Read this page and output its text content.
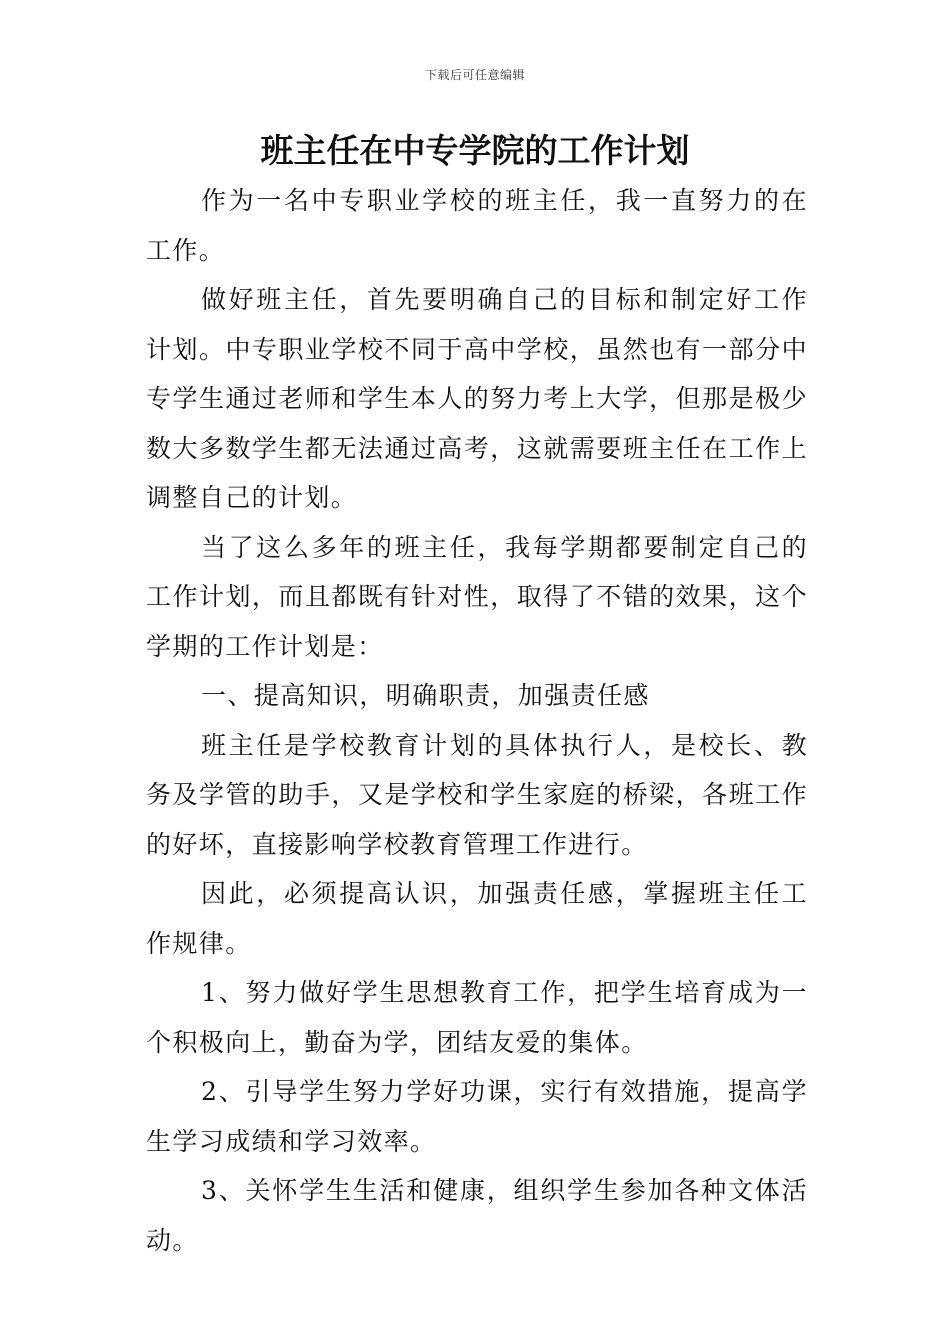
下载后可任意编辑
班主任在中专学院的工作计划

作为一名中专职业学校的班主任，我一直努力的在工作。

做好班主任，首先要明确自己的目标和制定好工作计划。中专职业学校不同于高中学校，虽然也有一部分中专学生通过老师和学生本人的努力考上大学，但那是极少数大多数学生都无法通过高考，这就需要班主任在工作上调整自己的计划。

当了这么多年的班主任，我每学期都要制定自己的工作计划，而且都既有针对性，取得了不错的效果，这个学期的工作计划是：

一、提高知识，明确职责，加强责任感

班主任是学校教育计划的具体执行人，是校长、教务及学管的助手，又是学校和学生家庭的桥梁，各班工作的好坏，直接影响学校教育管理工作进行。

因此，必须提高认识，加强责任感，掌握班主任工作规律。

1、努力做好学生思想教育工作，把学生培育成为一个积极向上，勤奋为学，团结友爱的集体。

2、引导学生努力学好功课，实行有效措施，提高学生学习成绩和学习效率。

3、关怀学生生活和健康，组织学生参加各种文体活动。
